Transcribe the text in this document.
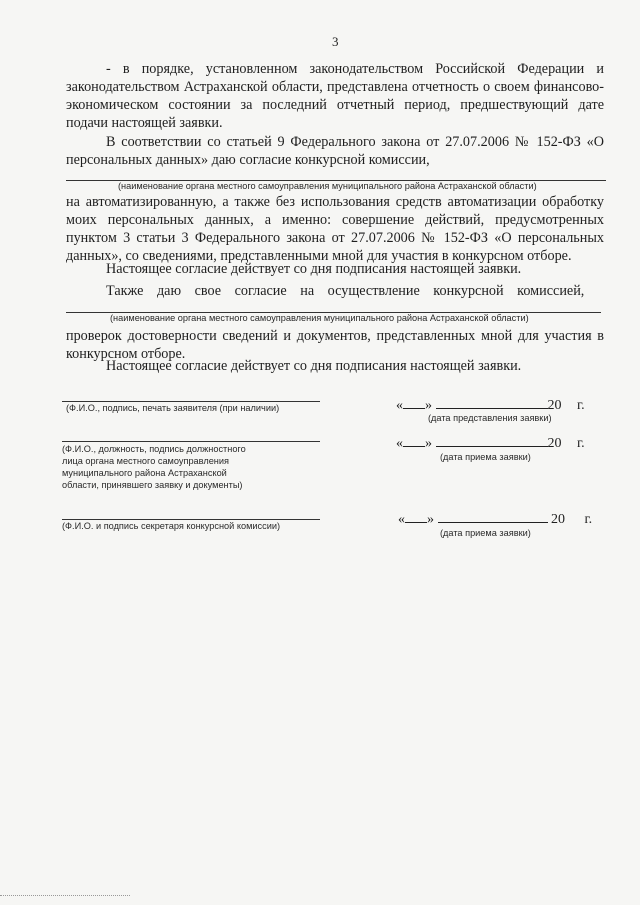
3

- в порядке, установленном законодательством Российской Федерации и законодательством Астраханской области, представлена отчетность о своем финансово-экономическом состоянии за последний отчетный период, предшествующий дате подачи настоящей заявки.

В соответствии со статьей 9 Федерального закона от 27.07.2006 № 152-ФЗ «О персональных данных» даю согласие конкурсной комиссии,

(наименование органа местного самоуправления муниципального района Астраханской области)

на автоматизированную, а также без использования средств автоматизации обработку моих персональных данных, а именно: совершение действий, предусмотренных пунктом 3 статьи 3 Федерального закона от 27.07.2006 № 152-ФЗ «О персональных данных», со сведениями, представленными мной для участия в конкурсном отборе.

Настоящее согласие действует со дня подписания настоящей заявки.

Также даю свое согласие на осуществление конкурсной комиссией,

(наименование органа местного самоуправления муниципального района Астраханской области)

проверок достоверности сведений и документов, представленных мной для участия в конкурсном отборе.

Настоящее согласие действует со дня подписания настоящей заявки.

(Ф.И.О., подпись, печать заявителя (при наличии)	« »	20 г.
(дата представления заявки)
(Ф.И.О., должность, подпись должностного
лица органа местного самоуправления
муниципального района Астраханской
области, принявшего заявку и документы)
« »	20 г.
(дата приема заявки)
(Ф.И.О. и подпись секретаря конкурсной комиссии)	« »	20 г.
(дата приема заявки)
